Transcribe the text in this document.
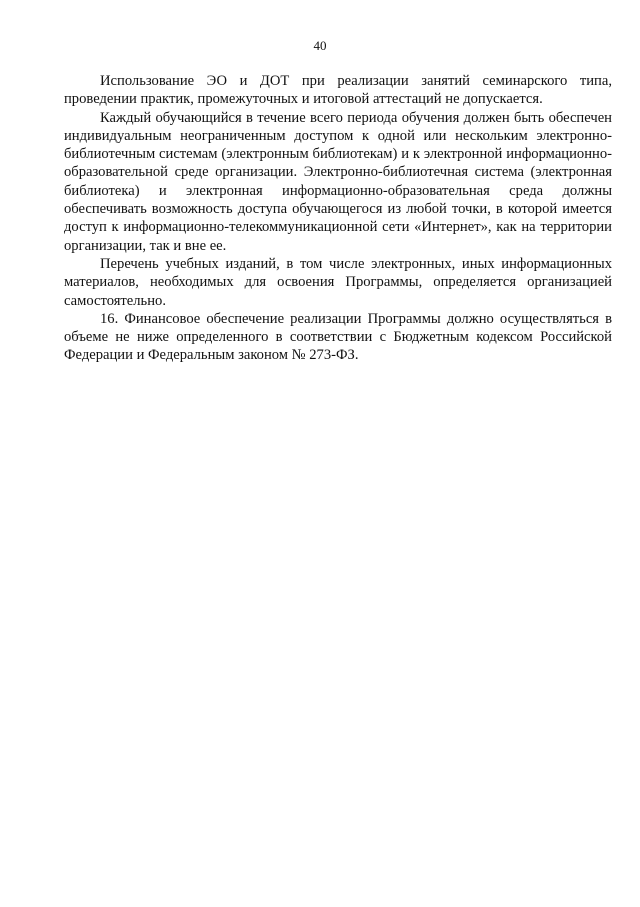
40

Использование ЭО и ДОТ при реализации занятий семинарского типа, проведении практик, промежуточных и итоговой аттестаций не допускается.

Каждый обучающийся в течение всего периода обучения должен быть обеспечен индивидуальным неограниченным доступом к одной или нескольким электронно-библиотечным системам (электронным библиотекам) и к электронной информационно-образовательной среде организации. Электронно-библиотечная система (электронная библиотека) и электронная информационно-образовательная среда должны обеспечивать возможность доступа обучающегося из любой точки, в которой имеется доступ к информационно-телекоммуникационной сети «Интернет», как на территории организации, так и вне ее.

Перечень учебных изданий, в том числе электронных, иных информационных материалов, необходимых для освоения Программы, определяется организацией самостоятельно.

16. Финансовое обеспечение реализации Программы должно осуществляться в объеме не ниже определенного в соответствии с Бюджетным кодексом Российской Федерации и Федеральным законом № 273-ФЗ.
